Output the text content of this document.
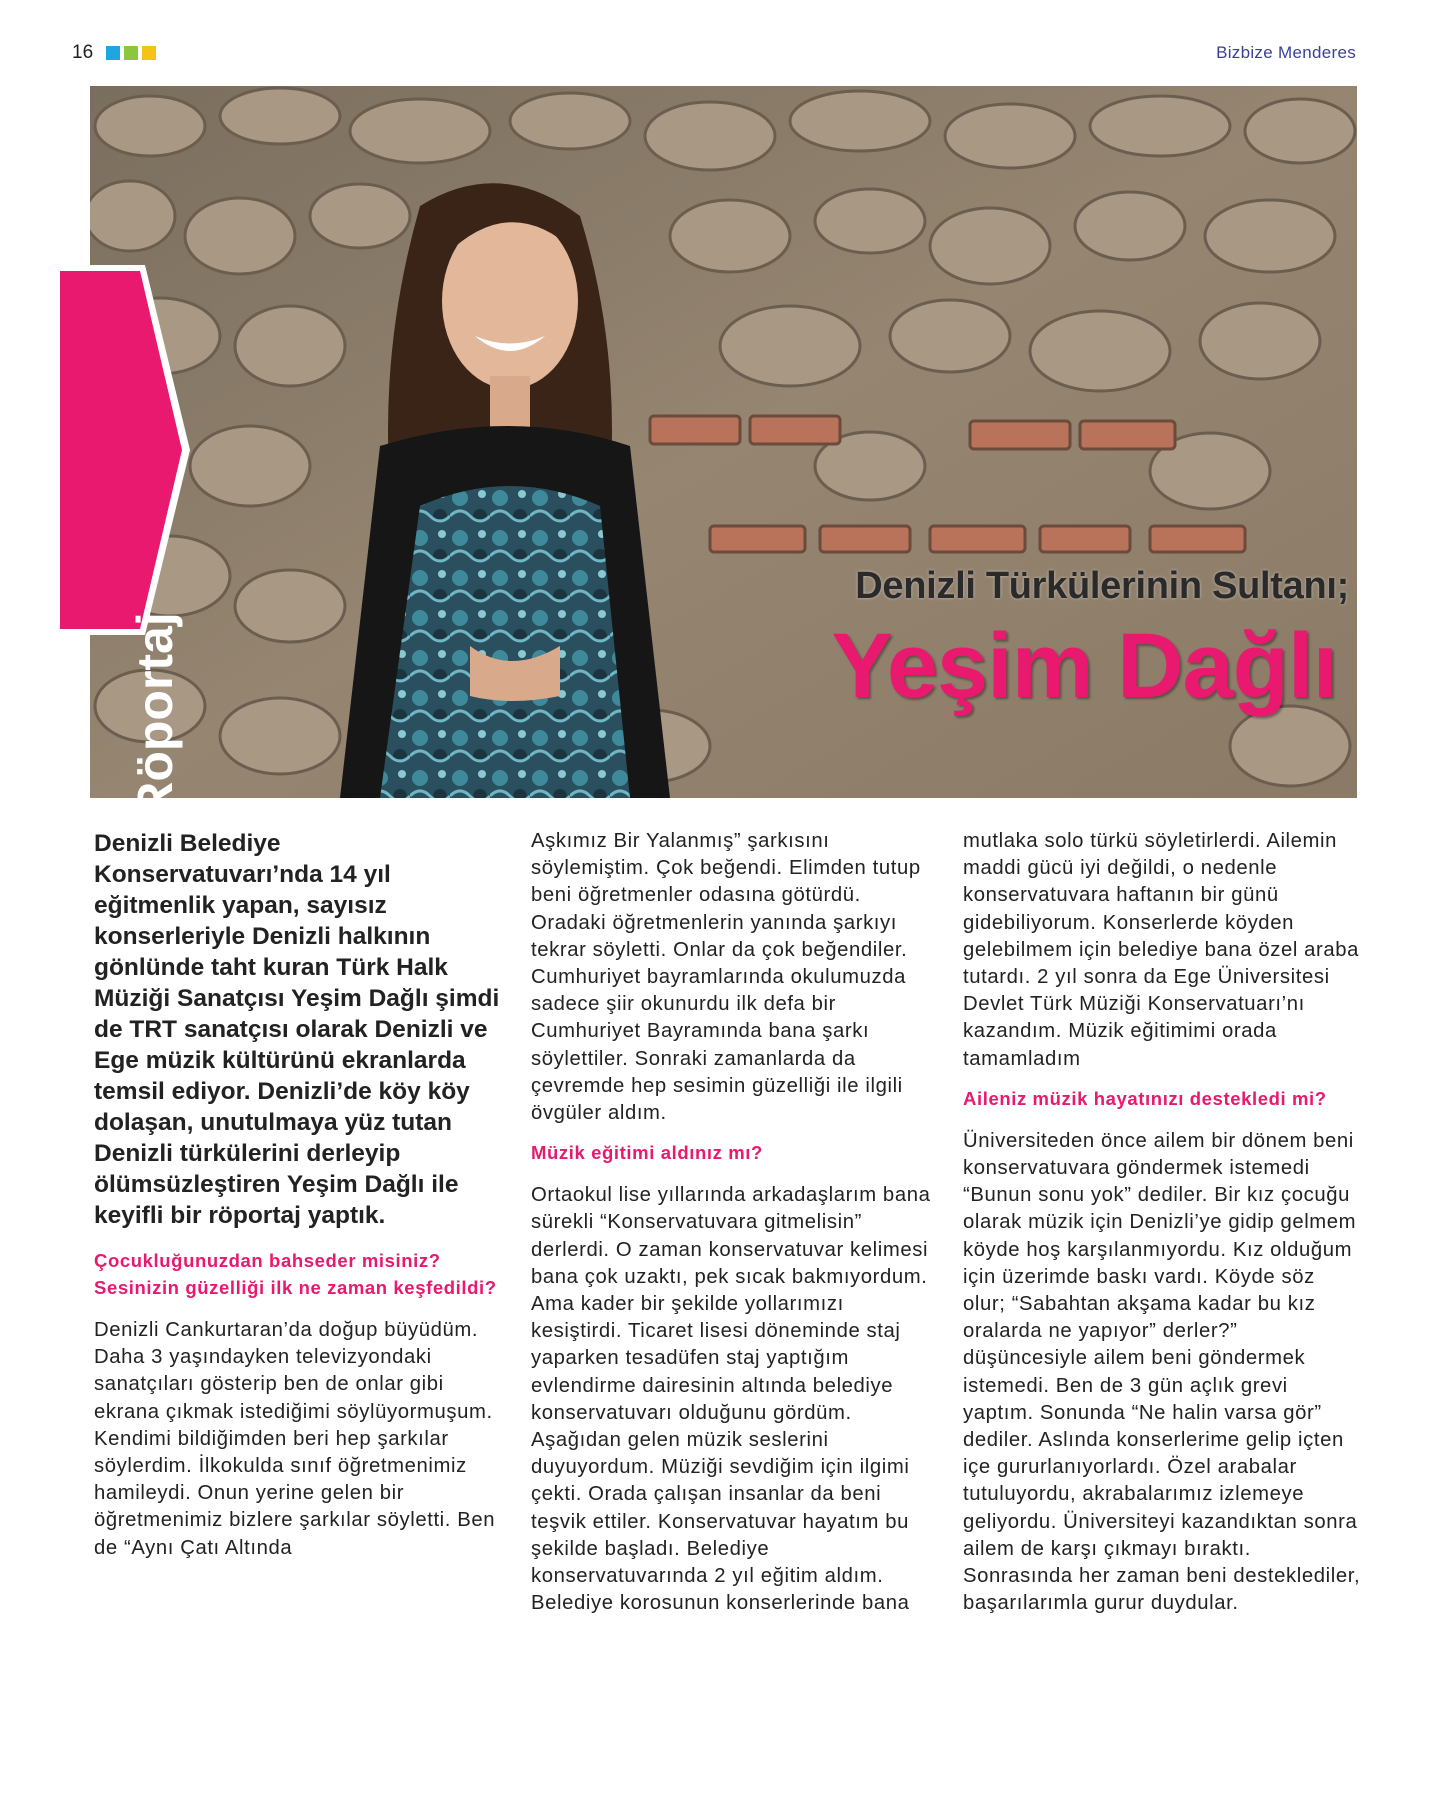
16	Bizbize Menderes
Denizli Türkülerinin Sultanı;
Yeşim Dağlı
Röportaj

Denizli Belediye Konservatuvarı’nda 14 yıl eğitmenlik yapan, sayısız konserleriyle Denizli halkının gönlünde taht kuran Türk Halk Müziği Sanatçısı Yeşim Dağlı şimdi de TRT sanatçısı olarak Denizli ve Ege müzik kültürünü ekranlarda temsil ediyor. Denizli’de köy köy dolaşan, unutulmaya yüz tutan Denizli türkülerini derleyip ölümsüzleştiren Yeşim Dağlı ile keyifli bir röportaj yaptık.

Çocukluğunuzdan bahseder misiniz? Sesinizin güzelliği ilk ne zaman keşfedildi?

Denizli Cankurtaran’da doğup büyüdüm. Daha 3 yaşındayken televizyondaki sanatçıları gösterip ben de onlar gibi ekrana çıkmak istediğimi söylüyormuşum. Kendimi bildiğimden beri hep şarkılar söylerdim. İlkokulda sınıf öğretmenimiz hamileydi. Onun yerine gelen bir öğretmenimiz bizlere şarkılar söyletti. Ben de “Aynı Çatı Altında

Aşkımız Bir Yalanmış” şarkısını söylemiştim. Çok beğendi. Elimden tutup beni öğretmenler odasına götürdü. Oradaki öğretmenlerin yanında şarkıyı tekrar söyletti. Onlar da çok beğendiler. Cumhuriyet bayramlarında okulumuzda sadece şiir okunurdu ilk defa bir Cumhuriyet Bayramında bana şarkı söylettiler. Sonraki zamanlarda da çevremde hep sesimin güzelliği ile ilgili övgüler aldım.

Müzik eğitimi aldınız mı?

Ortaokul lise yıllarında arkadaşlarım bana sürekli “Konservatuvara gitmelisin” derlerdi. O zaman konservatuvar kelimesi bana çok uzaktı, pek sıcak bakmıyordum. Ama kader bir şekilde yollarımızı kesiştirdi. Ticaret lisesi döneminde staj yaparken tesadüfen staj yaptığım evlendirme dairesinin altında belediye konservatuvarı olduğunu gördüm. Aşağıdan gelen müzik seslerini duyuyordum. Müziği sevdiğim için ilgimi çekti. Orada çalışan insanlar da beni teşvik ettiler. Konservatuvar hayatım bu şekilde başladı. Belediye konservatuvarında 2 yıl eğitim aldım. Belediye korosunun konserlerinde bana

mutlaka solo türkü söyletirlerdi. Ailemin maddi gücü iyi değildi, o nedenle konservatuvara haftanın bir günü gidebiliyorum. Konserlerde köyden gelebilmem için belediye bana özel araba tutardı. 2 yıl sonra da Ege Üniversitesi Devlet Türk Müziği Konservatuarı’nı kazandım. Müzik eğitimimi orada tamamladım

Aileniz müzik hayatınızı destekledi mi?

Üniversiteden önce ailem bir dönem beni konservatuvara göndermek istemedi “Bunun sonu yok” dediler. Bir kız çocuğu olarak müzik için Denizli’ye gidip gelmem köyde hoş karşılanmıyordu. Kız olduğum için üzerimde baskı vardı. Köyde söz olur; “Sabahtan akşama kadar bu kız oralarda ne yapıyor” derler?” düşüncesiyle ailem beni göndermek istemedi. Ben de 3 gün açlık grevi yaptım. Sonunda “Ne halin varsa gör” dediler. Aslında konserlerime gelip içten içe gururlanıyorlardı. Özel arabalar tutuluyordu, akrabalarımız izlemeye geliyordu. Üniversiteyi kazandıktan sonra ailem de karşı çıkmayı bıraktı. Sonrasında her zaman beni desteklediler, başarılarımla gurur duydular.
